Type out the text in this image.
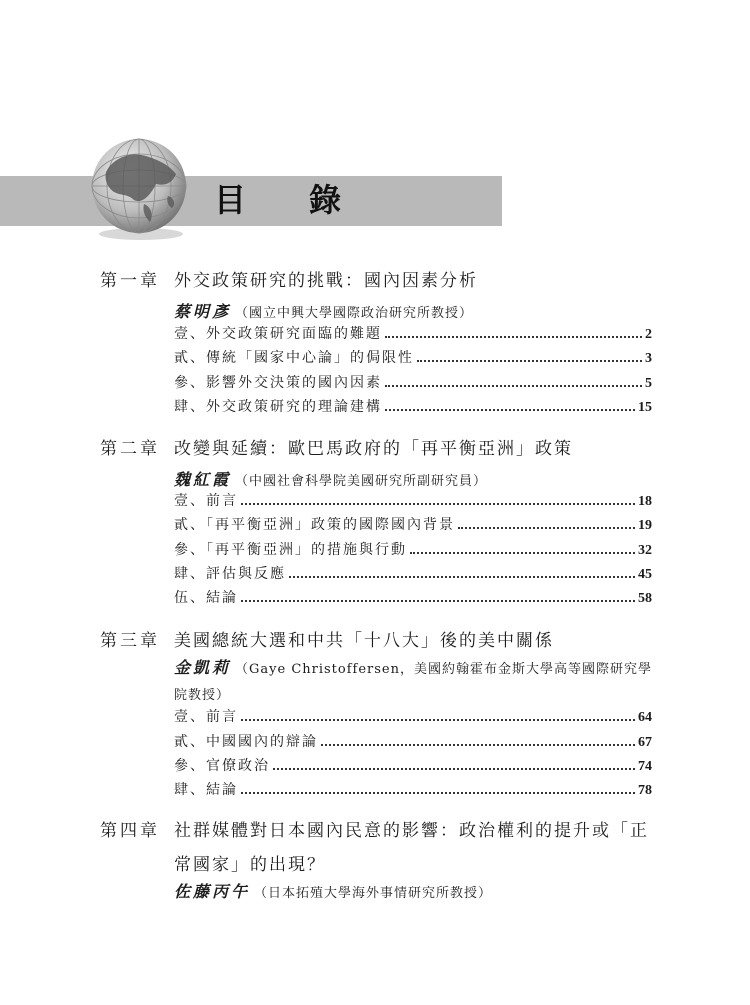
目錄
第一章 外交政策研究的挑戰：國內因素分析
蔡明彥 （國立中興大學國際政治研究所教授）
壹、外交政策研究面臨的難題	2
貳、傳統「國家中心論」的侷限性	3
參、影響外交決策的國內因素	5
肆、外交政策研究的理論建構	15
第二章 改變與延續：歐巴馬政府的「再平衡亞洲」政策
魏紅霞 （中國社會科學院美國研究所副研究員）
壹、前言	18
貳、「再平衡亞洲」政策的國際國內背景	19
參、「再平衡亞洲」的措施與行動	32
肆、評估與反應	45
伍、結論	58
第三章 美國總統大選和中共「十八大」後的美中關係
金凱莉 （Gaye Christoffersen，美國約翰霍布金斯大學高等國際研究學院教授）
壹、前言	64
貳、中國國內的辯論	67
參、官僚政治	74
肆、結論	78
第四章 社群媒體對日本國內民意的影響：政治權利的提升或「正常國家」的出現？
佐藤丙午 （日本拓殖大學海外事情研究所教授）
